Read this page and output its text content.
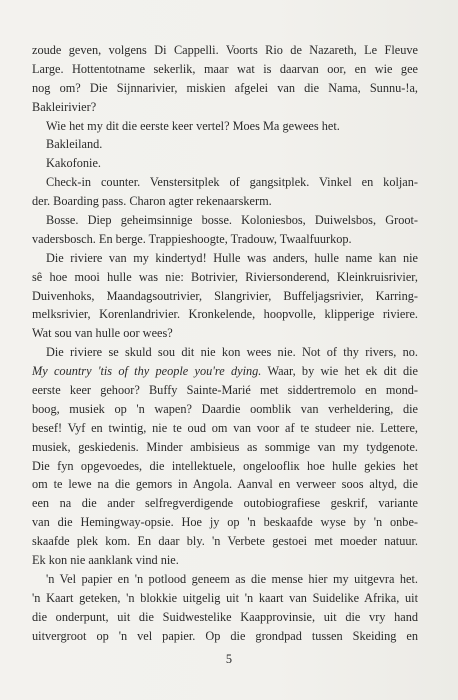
zoude geven, volgens Di Cappelli. Voorts Rio de Nazareth, Le Fleuve
Large. Hottentotname sekerlik, maar wat is daarvan oor, en wie gee
nog om? Die Sijnnarivier, miskien afgelei van die Nama, Sunnu-!a,
Bakleirivier?
Wie het my dit die eerste keer vertel? Moes Ma gewees het.
Bakleiland.
Kakofonie.
Check-in counter. Venstersitplek of gangsitplek. Vinkel en koljan-
der. Boarding pass. Charon agter rekenaarskerm.
Bosse. Diep geheimsinnige bosse. Koloniesbos, Duiwelsbos, Groot-
vadersbosch. En berge. Trappieshoogte, Tradouw, Twaalfuurkop.
Die riviere van my kindertyd! Hulle was anders, hulle name kan nie
sê hoe mooi hulle was nie: Botrivier, Riviersonderend, Kleinkruisrivier,
Duivenhoks, Maandagsoutrivier, Slangrivier, Buffeljagsrivier, Karring-
melksrivier, Korenlandrivier. Kronkelende, hoopvolle, klipperige riviere.
Wat sou van hulle oor wees?
Die riviere se skuld sou dit nie kon wees nie. Not of thy rivers, no.
My country 'tis of thy people you're dying. Waar, by wie het ek dit die
eerste keer gehoor? Buffy Sainte-Marié met siddertremolo en mond-
boog, musiek op 'n wapen? Daardie oomblik van verheldering, die
besef! Vyf en twintig, nie te oud om van voor af te studeer nie. Lettere,
musiek, geskiedenis. Minder ambisieus as sommige van my tydgenote.
Die fyn opgevoedes, die intellektuele, ongeloofliк hoe hulle gekies het
om te lewe na die gemors in Angola. Aanval en verweer soos altyd, die
een na die ander selfregverdigende outobiografiese geskrif, variante
van die Hemingway-opsie. Hoe jy op 'n beskaafde wyse by 'n onbe-
skaafde plek kom. En daar bly. 'n Verbete gestoei met moeder natuur.
Ek kon nie aanklank vind nie.
'n Vel papier en 'n potlood geneem as die mense hier my uitgevra het.
'n Kaart geteken, 'n blokkie uitgelig uit 'n kaart van Suidelike Afrika, uit
die onderpunt, uit die Suidwestelike Kaapprovinsie, uit die vry hand
uitvergroot op 'n vel papier. Op die grondpad tussen Skeiding en
5
